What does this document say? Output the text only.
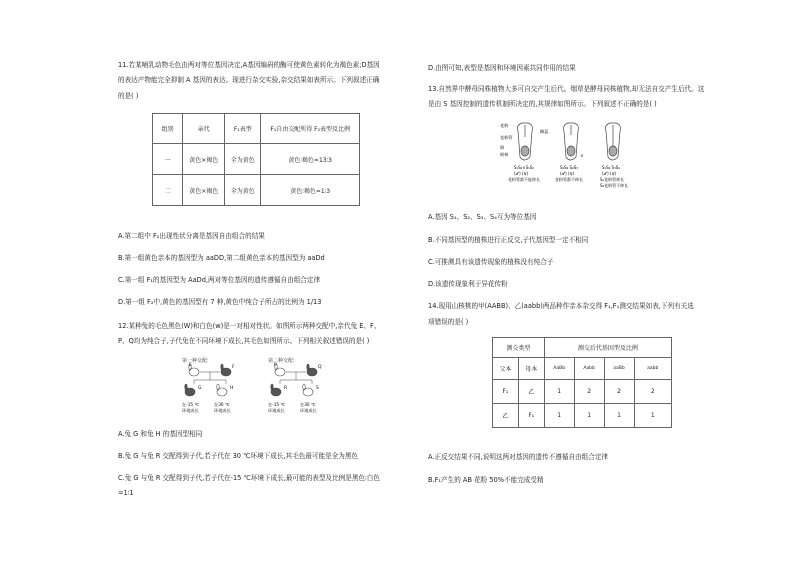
11.若某哺乳动物毛色由两对等位基因决定,A基因编码的酶可使黄色素转化为褐色素;D基因
的表达产物能完全抑制 A 基因的表达。现进行杂交实验,杂交结果如表所示。下列叙述正确
的是( )
组别	亲代	F₁表型	F₁自由交配所得 F₂表型及比例
一	黄色×褐色	全为黄色	黄色∶褐色=13∶3
二	黄色×褐色	全为黄色	黄色∶褐色=1∶3
A.第二组中 F₂出现性状分离是基因自由组合的结果
B.第一组黄色亲本的基因型为 aaDD,第二组黄色亲本的基因型为 aaDd
C.第一组 F₁的基因型为 AaDd,两对等位基因的遗传遵循自由组合定律
D.第一组 F₂中,黄色的基因型有 7 种,黄色中纯合子所占的比例为 1/13
12.某种兔的毛色黑色(W)和白色(w)是一对相对性状。如图所示两种交配中,亲代兔 E、F、
P、Q均为纯合子,子代兔在不同环境下成长,其毛色如图所示。下列相关叙述错误的是( )
第一种交配:	第二种交配:
E	F
G	H
在-15 ℃
环境成长
在30 ℃
环境成长
P	Q
R	S
在-15 ℃
环境成长
在30 ℃
环境成长
A.兔 G 和兔 H 的基因型相同
B.兔 G 与兔 R 交配得到子代,若子代在 30 ℃环境下成长,其毛色最可能是全为黑色
C.兔 G 与兔 R 交配得到子代,若子代在-15 ℃环境下成长,最可能的表型及比例是黑色∶白色
=1∶1
D.由图可知,表型是基因和环境因素共同作用的结果
13.自然界中酵母同株植物大多可自交产生后代。烟草是酵母同株植物,却无法自交产生后代。这
是由 S 基因控制的遗传机制所决定的,其规律如图所示。下列叙述不正确的是( )
花粉
花粉管
卵
极核
雌蕊
S₁S₂×S₁S₂
(♂) (♀)
花粉管都不能伸长
S₁S₂ S₂S₃
(♂) (♀)
花粉管都不伸长
S₁S₂ S₃S₄
(♂) (♀)
S₁花粉管伸长
S₂花粉管不伸长
×
A.基因 S₁、S₂、S₃、S₄互为等位基因
B.不同基因型的植株进行正反交,子代基因型一定不相同
C.可推测具有该遗传现象的植株没有纯合子
D.该遗传现象利于异花传粉
14.现用山核桃的甲(AABB)、乙(aabb)两品种作亲本杂交得 F₁,F₁测交结果如表,下列有关选
项错误的是( )
测交类型		测交后代基因型及比例			
父本	母本	AaBb	Aabb	aaBb	aabb
F₁	乙	1	2	2	2
乙	F₁	1	1	1	1
A.正反交结果不同,说明这两对基因的遗传不遵循自由组合定律
B.F₁产生的 AB 花粉 50%不能完成受精
